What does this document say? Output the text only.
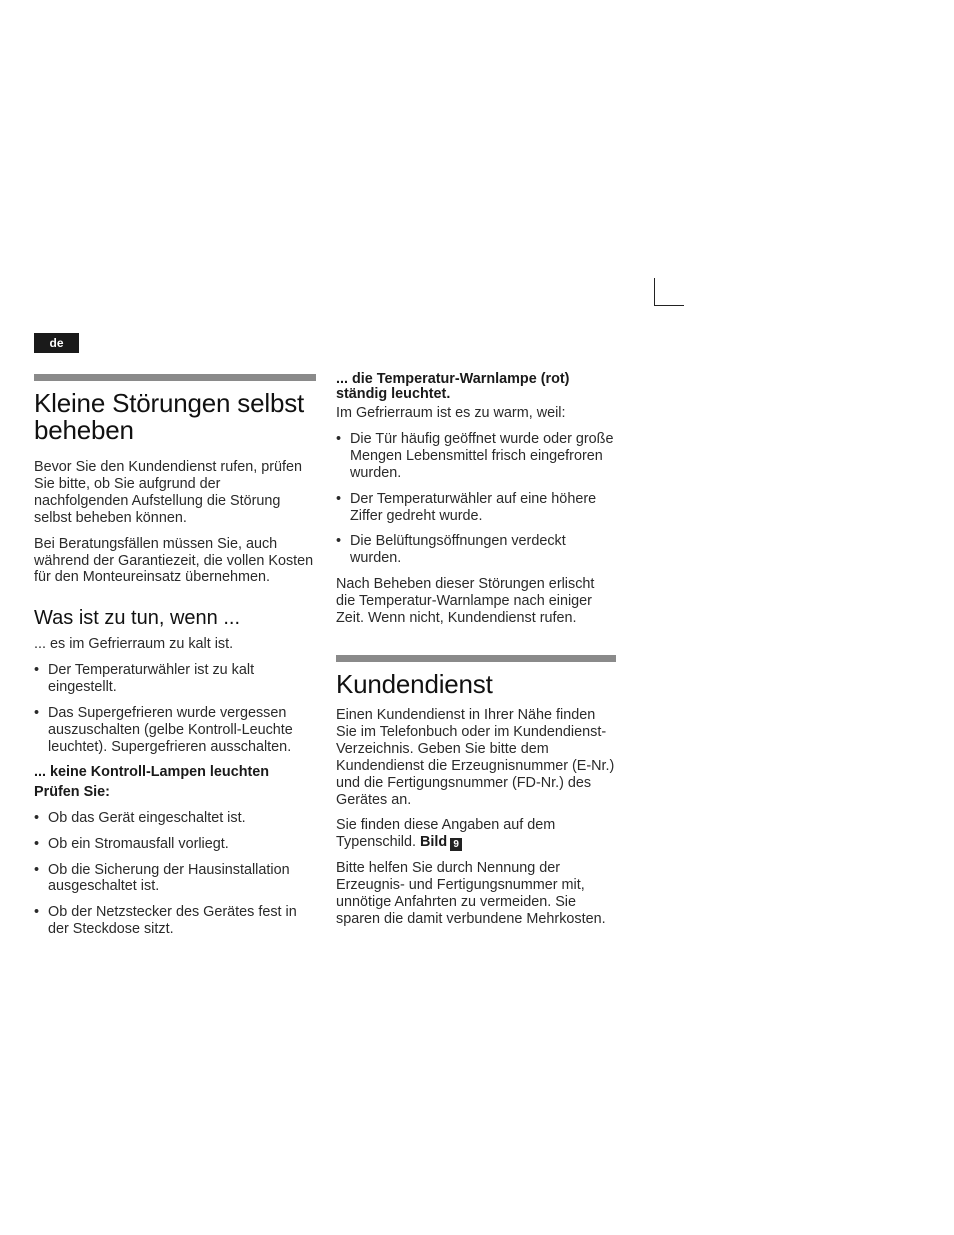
de
Kleine Störungen selbst beheben

Bevor Sie den Kundendienst rufen, prüfen Sie bitte, ob Sie aufgrund der nachfolgenden Aufstellung die Störung selbst beheben können.

Bei Beratungsfällen müssen Sie, auch während der Garantiezeit, die vollen Kosten für den Monteureinsatz übernehmen.

Was ist zu tun, wenn ...

... es im Gefrierraum zu kalt ist.

• Der Temperaturwähler ist zu kalt eingestellt.
• Das Supergefrieren wurde vergessen auszuschalten (gelbe Kontroll-Leuchte leuchtet). Supergefrieren ausschalten.

... keine Kontroll-Lampen leuchten

Prüfen Sie:

• Ob das Gerät eingeschaltet ist.
• Ob ein Stromausfall vorliegt.
• Ob die Sicherung der Hausinstallation ausgeschaltet ist.
• Ob der Netzstecker des Gerätes fest in der Steckdose sitzt.

... die Temperatur-Warnlampe (rot) ständig leuchtet.

Im Gefrierraum ist es zu warm, weil:

• Die Tür häufig geöffnet wurde oder große Mengen Lebensmittel frisch eingefroren wurden.
• Der Temperaturwähler auf eine höhere Ziffer gedreht wurde.
• Die Belüftungsöffnungen verdeckt wurden.

Nach Beheben dieser Störungen erlischt die Temperatur-Warnlampe nach einiger Zeit. Wenn nicht, Kundendienst rufen.

Kundendienst

Einen Kundendienst in Ihrer Nähe finden Sie im Telefonbuch oder im Kundendienst-Verzeichnis. Geben Sie bitte dem Kundendienst die Erzeugnisnummer (E-Nr.) und die Fertigungsnummer (FD-Nr.) des Gerätes an.

Sie finden diese Angaben auf dem Typenschild. Bild 9

Bitte helfen Sie durch Nennung der Erzeugnis- und Fertigungsnummer mit, unnötige Anfahrten zu vermeiden. Sie sparen die damit verbundene Mehrkosten.
